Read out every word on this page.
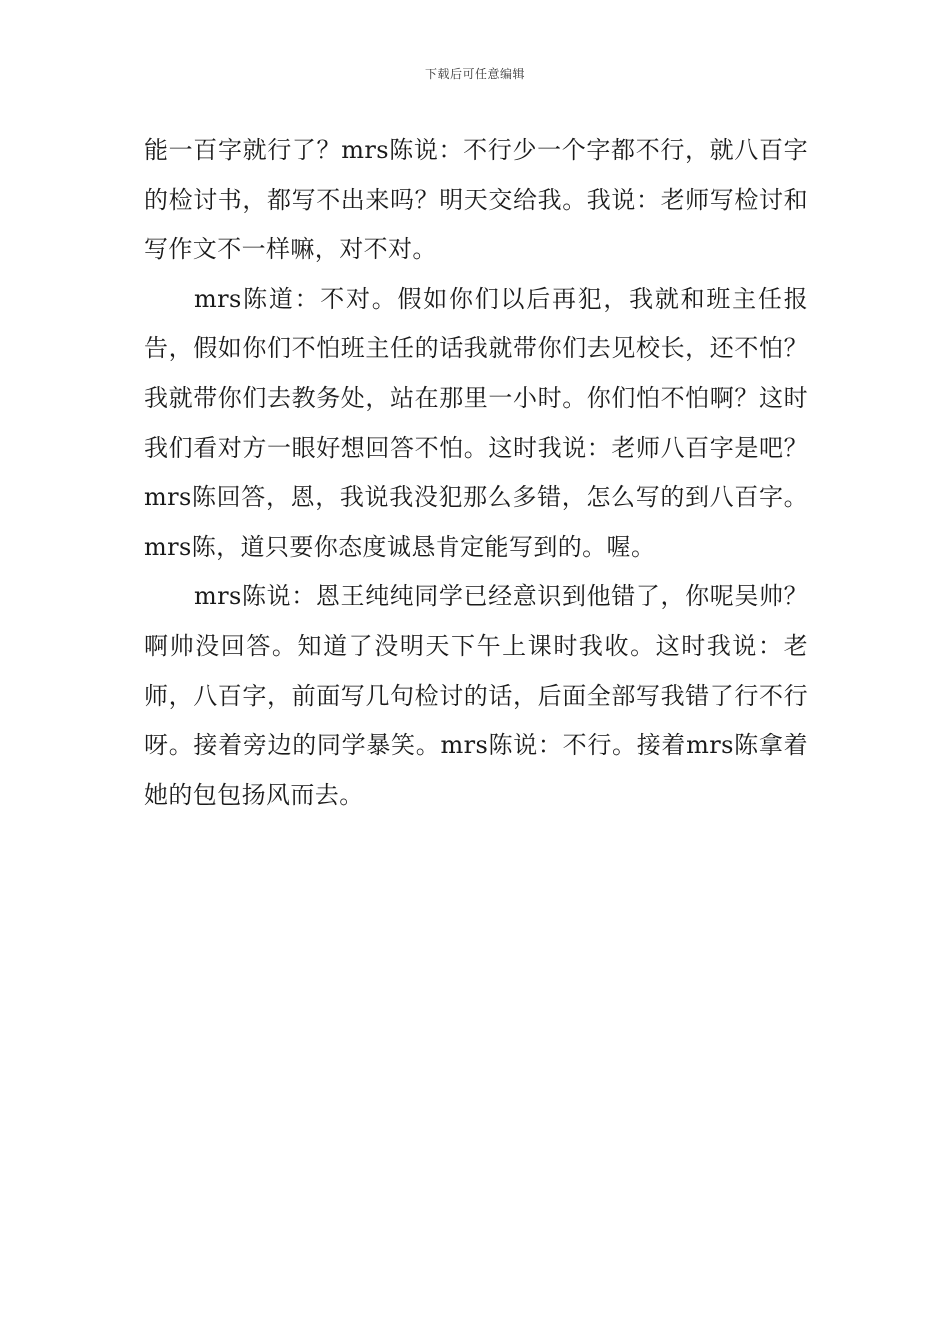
下载后可任意编辑

能一百字就行了？mrs陈说：不行少一个字都不行，就八百字的检讨书，都写不出来吗？明天交给我。我说：老师写检讨和写作文不一样嘛，对不对。

mrs陈道：不对。假如你们以后再犯，我就和班主任报告，假如你们不怕班主任的话我就带你们去见校长，还不怕？我就带你们去教务处，站在那里一小时。你们怕不怕啊？这时我们看对方一眼好想回答不怕。这时我说：老师八百字是吧？mrs陈回答，恩，我说我没犯那么多错，怎么写的到八百字。mrs陈，道只要你态度诚恳肯定能写到的。喔。

mrs陈说：恩王纯纯同学已经意识到他错了，你呢吴帅？啊帅没回答。知道了没明天下午上课时我收。这时我说：老师，八百字，前面写几句检讨的话，后面全部写我错了行不行呀。接着旁边的同学暴笑。mrs陈说：不行。接着mrs陈拿着她的包包扬风而去。
